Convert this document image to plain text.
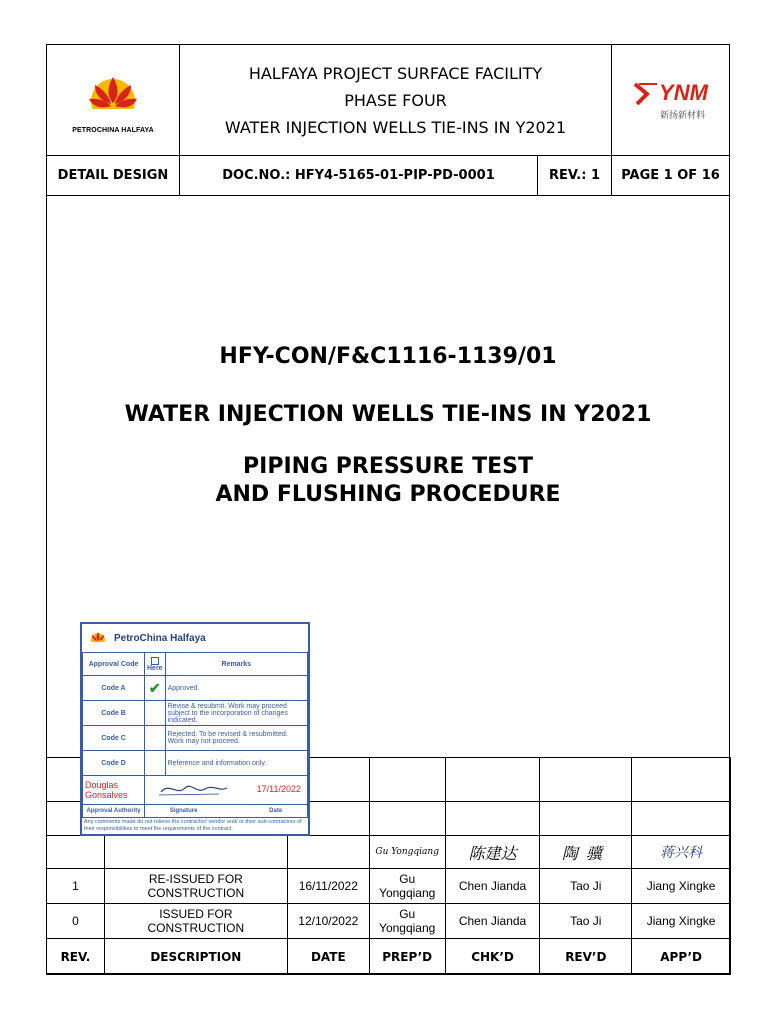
PETROCHINA HALFAYA
HALFAYA PROJECT SURFACE FACILITY
PHASE FOUR
WATER INJECTION WELLS TIE-INS IN Y2021
YNM
新扬新材料
DETAIL DESIGN	DOC.NO.: HFY4-5165-01-PIP-PD-0001	REV.: 1 PAGE 1 OF 16
HFY-CON/F&C1116-1139/01
WATER INJECTION WELLS TIE-INS IN Y2021
PIPING PRESSURE TEST
AND FLUSHING PROCEDURE

			Gu Yongqiang	陈建达	陶骥	蒋兴科
1	RE-ISSUED FOR CONSTRUCTION	16/11/2022	Gu Yongqiang	Chen Jianda	Tao Ji	Jiang Xingke
0	ISSUED FOR CONSTRUCTION	12/10/2022	Gu Yongqiang	Chen Jianda	Tao Ji	Jiang Xingke
REV.	DESCRIPTION	DATE	PREP’D	CHK’D	REV’D	APP’D
PetroChina Halfaya
Approval Code	Here	Remarks
Code A	✔	Approved.
Code B		Revise & resubmit. Work may proceed subject to the incorporation of changes indicated.
Code C		Rejected. To be revised & resubmitted. Work may not proceed.
Code D		Reference and information only.
Douglas
Gonsalves	17/11/2022	

Approval Authority	Signature Date	
Any comments made do not relieve the contractor/ vendor and/ or their sub-contractors of their responsibilities to meet the requirements of the contract.
